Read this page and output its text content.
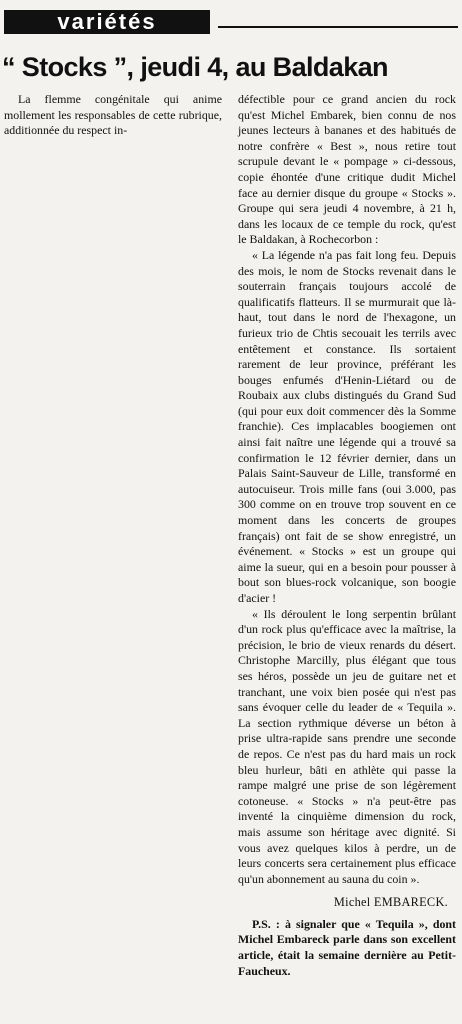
variétés
“ Stocks ”, jeudi 4, au Baldakan

La flemme congénitale qui anime mollement les responsables de cette rubrique, additionnée du respect in-

défectible pour ce grand ancien du rock qu'est Michel Embarek, bien connu de nos jeunes lecteurs à bananes et des habitués de notre confrère « Best », nous retire tout scrupule devant le « pompage » ci-dessous, copie éhontée d'une critique dudit Michel face au dernier disque du groupe « Stocks ». Groupe qui sera jeudi 4 novembre, à 21 h, dans les locaux de ce temple du rock, qu'est le Baldakan, à Rochecorbon :

« La légende n'a pas fait long feu. Depuis des mois, le nom de Stocks revenait dans le souterrain français toujours accolé de qualificatifs flatteurs. Il se murmurait que là-haut, tout dans le nord de l'hexagone, un furieux trio de Chtis secouait les terrils avec entêtement et constance. Ils sortaient rarement de leur province, préférant les bouges enfumés d'Henin-Liétard ou de Roubaix aux clubs distingués du Grand Sud (qui pour eux doit commencer dès la Somme franchie). Ces implacables boogiemen ont ainsi fait naître une légende qui a trouvé sa confirmation le 12 février dernier, dans un Palais Saint-Sauveur de Lille, transformé en autocuiseur. Trois mille fans (oui 3.000, pas 300 comme on en trouve trop souvent en ce moment dans les concerts de groupes français) ont fait de se show enregistré, un événement. « Stocks » est un groupe qui aime la sueur, qui en a besoin pour pousser à bout son blues-rock volcanique, son boogie d'acier !

« Ils déroulent le long serpentin brûlant d'un rock plus qu'efficace avec la maîtrise, la précision, le brio de vieux renards du désert. Christophe Marcilly, plus élégant que tous ses héros, possède un jeu de guitare net et tranchant, une voix bien posée qui n'est pas sans évoquer celle du leader de « Tequila ». La section rythmique déverse un béton à prise ultra-rapide sans prendre une seconde de repos. Ce n'est pas du hard mais un rock bleu hurleur, bâti en athlète qui passe la rampe malgré une prise de son légèrement cotoneuse. « Stocks » n'a peut-être pas inventé la cinquième dimension du rock, mais assume son héritage avec dignité. Si vous avez quelques kilos à perdre, un de leurs concerts sera certainement plus efficace qu'un abonnement au sauna du coin ».

Michel EMBARECK.

P.S. : à signaler que « Tequila », dont Michel Embareck parle dans son excellent article, était la semaine dernière au Petit-Faucheux.
